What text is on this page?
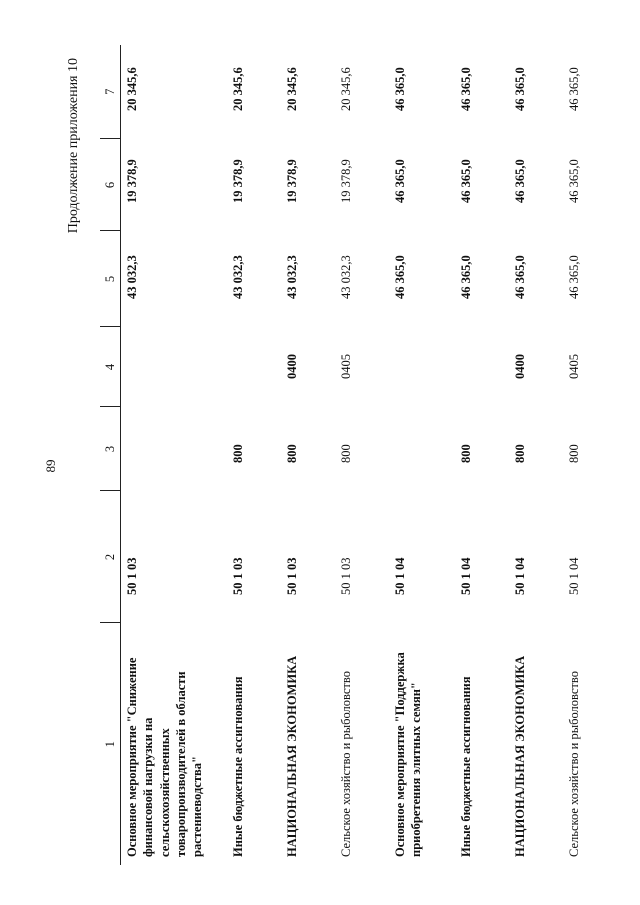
89
Продолжение приложения 10
1	2	3	4	5	6	7
Основное мероприятие "Снижение финансовой нагрузки на сельскохозяйственных товаропроизводителей в области растениеводства"	50 1 03			43 032,3	19 378,9	20 345,6
Иные бюджетные ассигнования	50 1 03	800		43 032,3	19 378,9	20 345,6
НАЦИОНАЛЬНАЯ ЭКОНОМИКА	50 1 03	800	0400	43 032,3	19 378,9	20 345,6
Сельское хозяйство и рыболовство	50 1 03	800	0405	43 032,3	19 378,9	20 345,6
Основное мероприятие "Поддержка приобретения элитных семян"	50 1 04			46 365,0	46 365,0	46 365,0
Иные бюджетные ассигнования	50 1 04	800		46 365,0	46 365,0	46 365,0
НАЦИОНАЛЬНАЯ ЭКОНОМИКА	50 1 04	800	0400	46 365,0	46 365,0	46 365,0
Сельское хозяйство и рыболовство	50 1 04	800	0405	46 365,0	46 365,0	46 365,0
